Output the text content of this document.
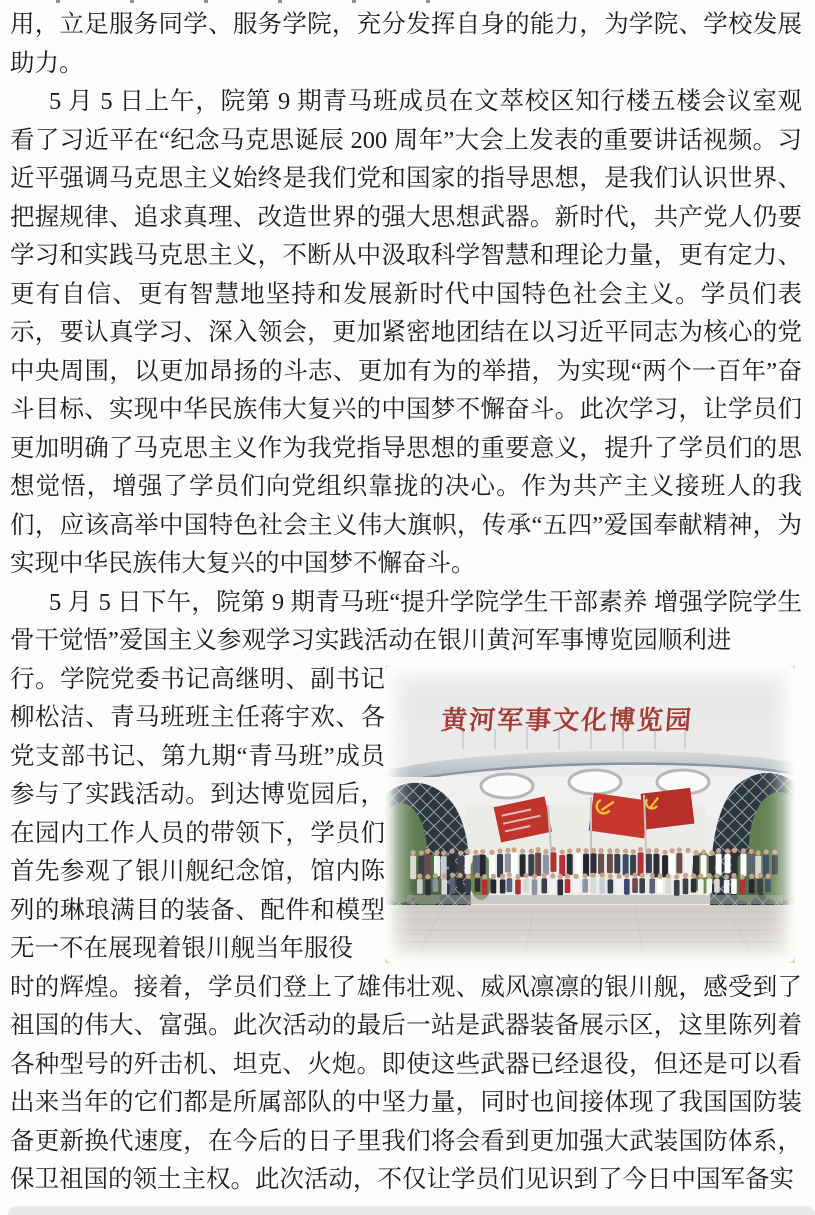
用，立足服务同学、服务学院，充分发挥自身的能力，为学院、学校发展助力。

5 月 5 日上午，院第 9 期青马班成员在文萃校区知行楼五楼会议室观看了习近平在“纪念马克思诞辰 200 周年”大会上发表的重要讲话视频。习近平强调马克思主义始终是我们党和国家的指导思想，是我们认识世界、把握规律、追求真理、改造世界的强大思想武器。新时代，共产党人仍要学习和实践马克思主义，不断从中汲取科学智慧和理论力量，更有定力、更有自信、更有智慧地坚持和发展新时代中国特色社会主义。学员们表示，要认真学习、深入领会，更加紧密地团结在以习近平同志为核心的党中央周围，以更加昂扬的斗志、更加有为的举措，为实现“两个一百年”奋斗目标、实现中华民族伟大复兴的中国梦不懈奋斗。此次学习，让学员们更加明确了马克思主义作为我党指导思想的重要意义，提升了学员们的思想觉悟，增强了学员们向党组织靠拢的决心。作为共产主义接班人的我们，应该高举中国特色社会主义伟大旗帜，传承“五四”爱国奉献精神，为实现中华民族伟大复兴的中国梦不懈奋斗。

5 月 5 日下午，院第 9 期青马班“提升学院学生干部素养 增强学院学生骨干觉悟”爱国主义参观学习实践活动在银川黄河军事博览园顺利进

行。学院党委书记高继明、副书记柳松洁、青马班班主任蒋宇欢、各党支部书记、第九期“青马班”成员参与了实践活动。到达博览园后，在园内工作人员的带领下，学员们首先参观了银川舰纪念馆，馆内陈列的琳琅满目的装备、配件和模型无一不在展现着银川舰当年服役

黄河军事文化博览园

时的辉煌。接着，学员们登上了雄伟壮观、威风凛凛的银川舰，感受到了祖国的伟大、富强。此次活动的最后一站是武器装备展示区，这里陈列着各种型号的歼击机、坦克、火炮。即使这些武器已经退役，但还是可以看出来当年的它们都是所属部队的中坚力量，同时也间接体现了我国国防装备更新换代速度，在今后的日子里我们将会看到更加强大武装国防体系，保卫祖国的领土主权。此次活动，不仅让学员们见识到了今日中国军备实
